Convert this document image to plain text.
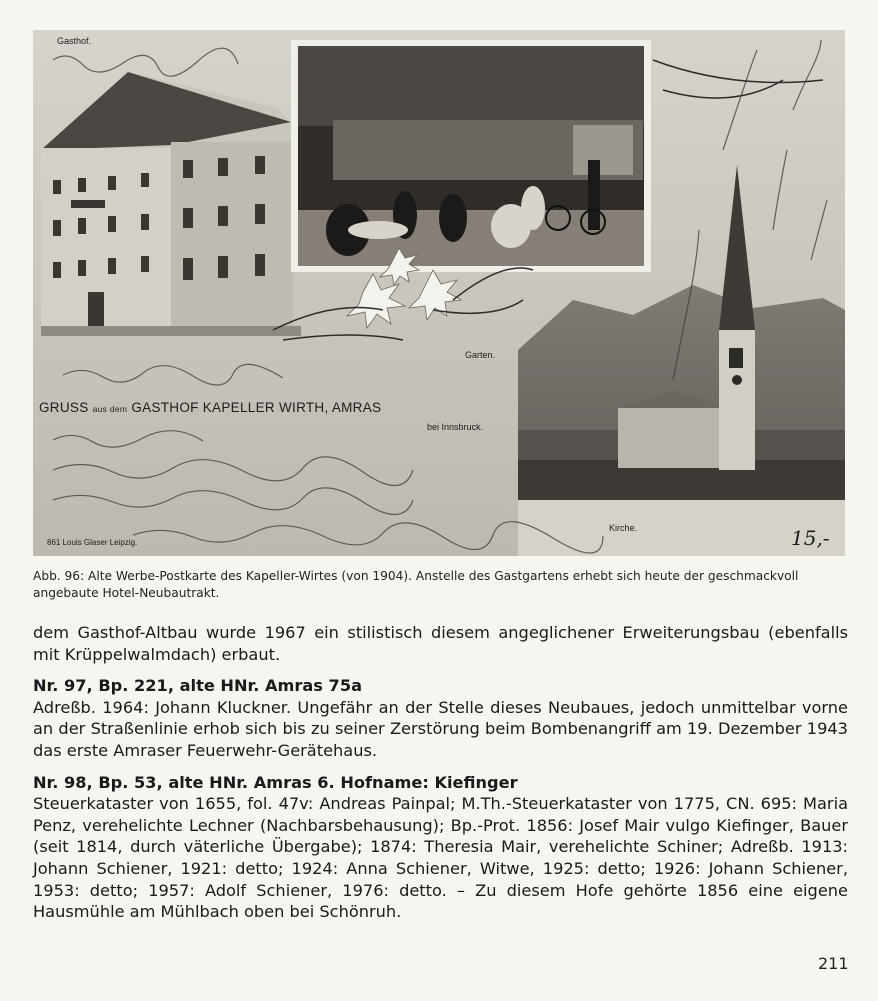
Gasthof.
Garten.
GRUSS aus dem GASTHOF KAPELLER WIRTH, AMRAS
bei Innsbruck.
Kirche.
861 Louis Glaser Leipzig.	15,-
Abb. 96: Alte Werbe-Postkarte des Kapeller-Wirtes (von 1904). Anstelle des Gastgartens erhebt sich heute der geschmackvoll angebaute Hotel-Neubautrakt.

dem Gasthof-Altbau wurde 1967 ein stilistisch diesem angeglichener Erweiterungsbau (ebenfalls mit Krüppelwalmdach) erbaut.

Nr. 97, Bp. 221, alte HNr. Amras 75a

Adreßb. 1964: Johann Kluckner. Ungefähr an der Stelle dieses Neubaues, jedoch unmittelbar vorne an der Straßenlinie erhob sich bis zu seiner Zerstörung beim Bombenangriff am 19. Dezember 1943 das erste Amraser Feuerwehr-Gerätehaus.

Nr. 98, Bp. 53, alte HNr. Amras 6. Hofname: Kiefinger

Steuerkataster von 1655, fol. 47v: Andreas Painpal; M.Th.-Steuerkataster von 1775, CN. 695: Maria Penz, verehelichte Lechner (Nachbarsbehausung); Bp.-Prot. 1856: Josef Mair vulgo Kiefinger, Bauer (seit 1814, durch väterliche Übergabe); 1874: Theresia Mair, verehelichte Schiner; Adreßb. 1913: Johann Schiener, 1921: detto; 1924: Anna Schiener, Witwe, 1925: detto; 1926: Johann Schiener, 1953: detto; 1957: Adolf Schiener, 1976: detto. – Zu diesem Hofe gehörte 1856 eine eigene Hausmühle am Mühlbach oben bei Schönruh.

211
